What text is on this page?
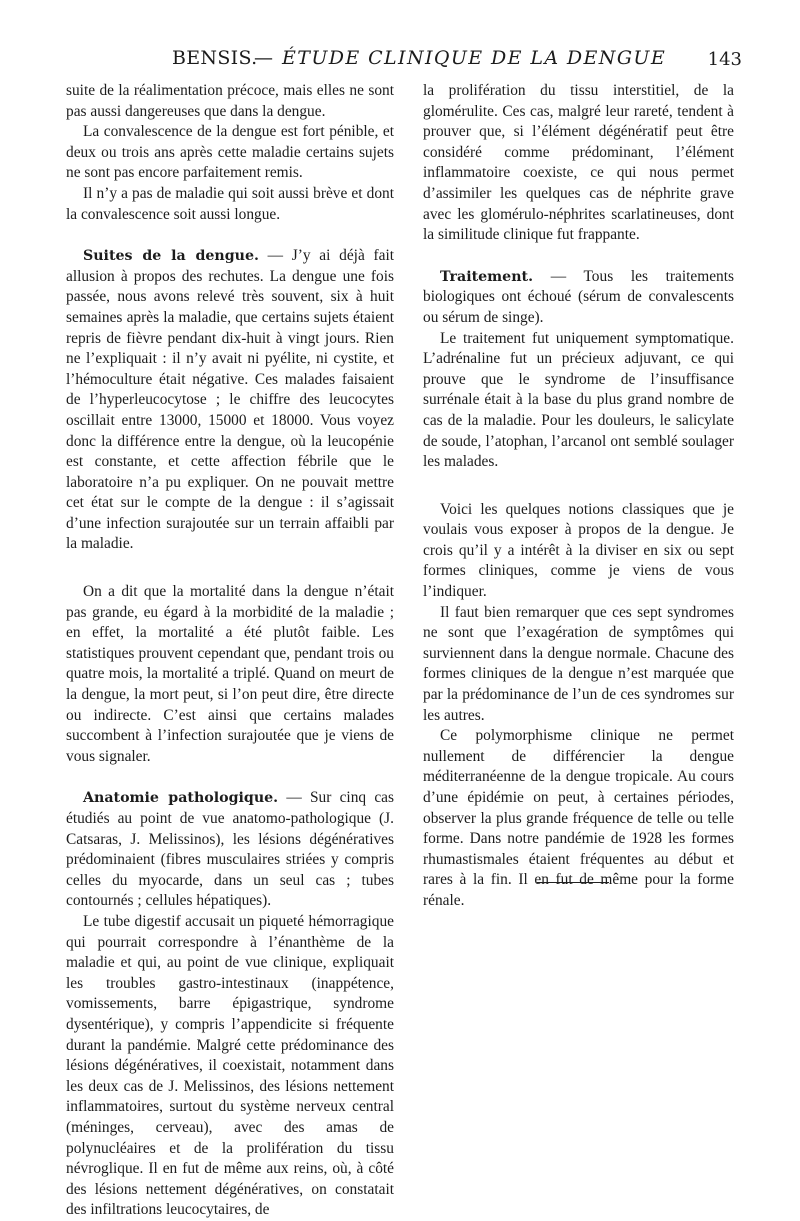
BENSIS.
— ÉTUDE CLINIQUE DE LA DENGUE 143

suite de la réalimentation précoce, mais elles ne sont pas aussi dangereuses que dans la dengue.

La convalescence de la dengue est fort pénible, et deux ou trois ans après cette maladie certains sujets ne sont pas encore parfaitement remis.

Il n’y a pas de maladie qui soit aussi brève et dont la convalescence soit aussi longue.

Suites de la dengue. — J’y ai déjà fait allusion à propos des rechutes. La dengue une fois passée, nous avons relevé très souvent, six à huit semaines après la maladie, que certains sujets étaient repris de fièvre pendant dix-huit à vingt jours. Rien ne l’expliquait : il n’y avait ni pyélite, ni cystite, et l’hémoculture était négative. Ces malades faisaient de l’hyperleucocytose ; le chiffre des leucocytes oscillait entre 13000, 15000 et 18000. Vous voyez donc la différence entre la dengue, où la leucopénie est constante, et cette affection fébrile que le laboratoire n’a pu expliquer. On ne pouvait mettre cet état sur le compte de la dengue : il s’agissait d’une infection surajoutée sur un terrain affaibli par la maladie.

On a dit que la mortalité dans la dengue n’était pas grande, eu égard à la morbidité de la maladie ; en effet, la mortalité a été plutôt faible. Les statistiques prouvent cependant que, pendant trois ou quatre mois, la mortalité a triplé. Quand on meurt de la dengue, la mort peut, si l’on peut dire, être directe ou indirecte. C’est ainsi que certains malades succombent à l’infection surajoutée que je viens de vous signaler.

Anatomie pathologique. — Sur cinq cas étudiés au point de vue anatomo-pathologique (J. Catsaras, J. Melissinos), les lésions dégénératives prédominaient (fibres musculaires striées y compris celles du myocarde, dans un seul cas ; tubes contournés ; cellules hépatiques).

Le tube digestif accusait un piqueté hémorragique qui pourrait correspondre à l’énanthème de la maladie et qui, au point de vue clinique, expliquait les troubles gastro-intestinaux (inappétence, vomissements, barre épigastrique, syndrome dysentérique), y compris l’appendicite si fréquente durant la pandémie. Malgré cette prédominance des lésions dégénératives, il coexistait, notamment dans les deux cas de J. Melissinos, des lésions nettement inflammatoires, surtout du système nerveux central (méninges, cerveau), avec des amas de polynucléaires et de la prolifération du tissu névroglique. Il en fut de même aux reins, où, à côté des lésions nettement dégénératives, on constatait des infiltrations leucocytaires, de

la prolifération du tissu interstitiel, de la glomérulite. Ces cas, malgré leur rareté, tendent à prouver que, si l’élément dégénératif peut être considéré comme prédominant, l’élément inflammatoire coexiste, ce qui nous permet d’assimiler les quelques cas de néphrite grave avec les glomérulo-néphrites scarlatineuses, dont la similitude clinique fut frappante.

Traitement. — Tous les traitements biologiques ont échoué (sérum de convalescents ou sérum de singe).

Le traitement fut uniquement symptomatique. L’adrénaline fut un précieux adjuvant, ce qui prouve que le syndrome de l’insuffisance surrénale était à la base du plus grand nombre de cas de la maladie. Pour les douleurs, le salicylate de soude, l’atophan, l’arcanol ont semblé soulager les malades.

Voici les quelques notions classiques que je voulais vous exposer à propos de la dengue. Je crois qu’il y a intérêt à la diviser en six ou sept formes cliniques, comme je viens de vous l’indiquer.

Il faut bien remarquer que ces sept syndromes ne sont que l’exagération de symptômes qui surviennent dans la dengue normale. Chacune des formes cliniques de la dengue n’est marquée que par la prédominance de l’un de ces syndromes sur les autres.

Ce polymorphisme clinique ne permet nullement de différencier la dengue méditerranéenne de la dengue tropicale. Au cours d’une épidémie on peut, à certaines périodes, observer la plus grande fréquence de telle ou telle forme. Dans notre pandémie de 1928 les formes rhumastismales étaient fréquentes au début et rares à la fin. Il en fut de même pour la forme rénale.
